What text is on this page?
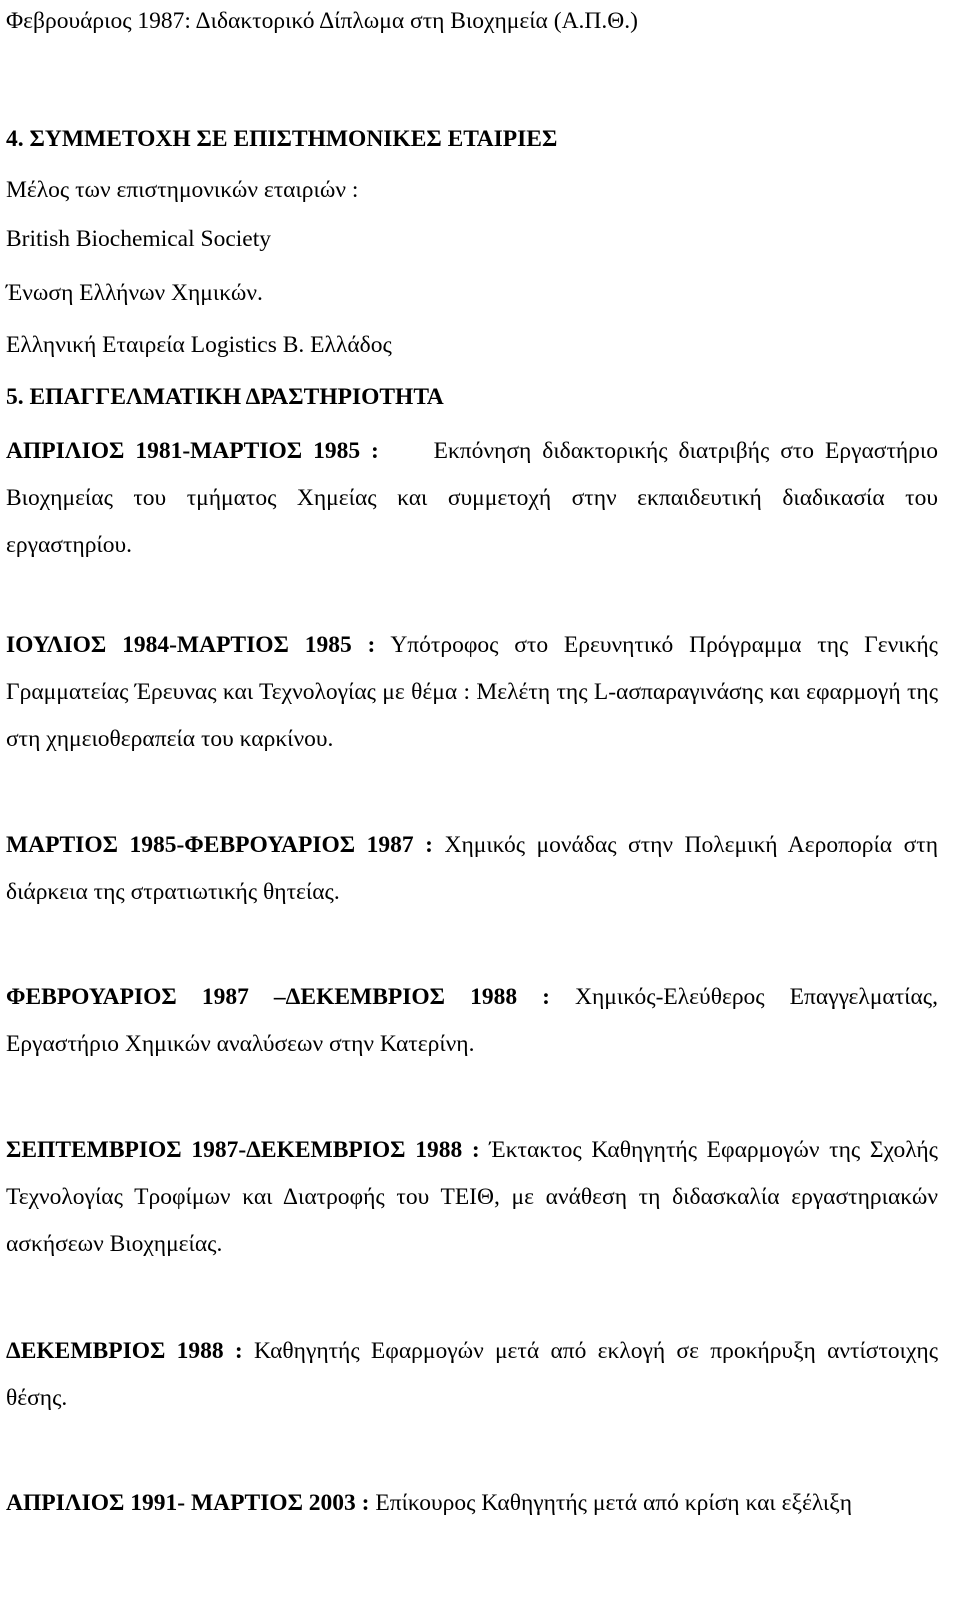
Φεβρουάριος 1987: Διδακτορικό Δίπλωμα στη Βιοχημεία (Α.Π.Θ.)
4. ΣΥΜΜΕΤΟΧΗ ΣΕ ΕΠΙΣΤΗΜΟΝΙΚΕΣ ΕΤΑΙΡΙΕΣ
Μέλος των επιστημονικών εταιριών :
British Biochemical Society
Ένωση Ελλήνων Χημικών.
Ελληνική Εταιρεία Logistics Β. Ελλάδος
5. ΕΠΑΓΓΕΛΜΑΤΙΚΗ ΔΡΑΣΤΗΡΙΟΤΗΤΑ
ΑΠΡΙΛΙΟΣ 1981-ΜΑΡΤΙΟΣ 1985 : Εκπόνηση διδακτορικής διατριβής στο Εργαστήριο Βιοχημείας του τμήματος Χημείας και συμμετοχή στην εκπαιδευτική διαδικασία του εργαστηρίου.
ΙΟΥΛΙΟΣ 1984-ΜΑΡΤΙΟΣ 1985 : Υπότροφος στο Ερευνητικό Πρόγραμμα της Γενικής Γραμματείας Έρευνας και Τεχνολογίας με θέμα : Μελέτη της L-ασπαραγινάσης και εφαρμογή της στη χημειοθεραπεία του καρκίνου.
ΜΑΡΤΙΟΣ 1985-ΦΕΒΡΟΥΑΡΙΟΣ 1987 : Χημικός μονάδας στην Πολεμική Αεροπορία στη διάρκεια της στρατιωτικής θητείας.
ΦΕΒΡΟΥΑΡΙΟΣ 1987 –ΔΕΚΕΜΒΡΙΟΣ 1988 : Χημικός-Ελεύθερος Επαγγελματίας, Εργαστήριο Χημικών αναλύσεων στην Κατερίνη.
ΣΕΠΤΕΜΒΡΙΟΣ 1987-ΔΕΚΕΜΒΡΙΟΣ 1988 : Έκτακτος Καθηγητής Εφαρμογών της Σχολής Τεχνολογίας Τροφίμων και Διατροφής του ΤΕΙΘ, με ανάθεση τη διδασκαλία εργαστηριακών ασκήσεων Βιοχημείας.
ΔΕΚΕΜΒΡΙΟΣ 1988 : Καθηγητής Εφαρμογών μετά από εκλογή σε προκήρυξη αντίστοιχης θέσης.
ΑΠΡΙΛΙΟΣ 1991- ΜΑΡΤΙΟΣ 2003 : Επίκουρος Καθηγητής μετά από κρίση και εξέλιξη
